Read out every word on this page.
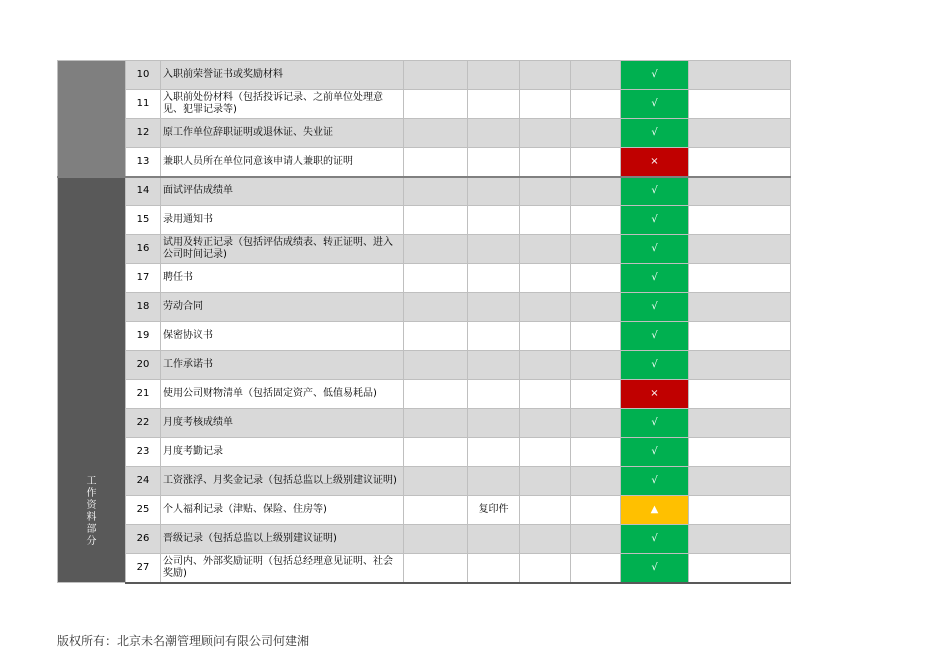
	10	入职前荣誉证书或奖励材料					√	
	11	入职前处份材料（包括投诉记录、之前单位处理意见、犯罪记录等)					√	
	12	原工作单位辞职证明或退休证、失业证					√	
	13	兼职人员所在单位同意该申请人兼职的证明					×	

工作资料部分	14	面试评估成绩单					√	
	15	录用通知书					√	
	16	试用及转正记录（包括评估成绩表、转正证明、进入公司时间记录)					√	
	17	聘任书					√	
	18	劳动合同					√	
	19	保密协议书					√	
	20	工作承诺书					√	
	21	使用公司财物清单（包括固定资产、低值易耗品)					×	
	22	月度考核成绩单					√	
	23	月度考勤记录					√	
	24	工资涨浮、月奖金记录（包括总监以上级别建议证明)					√	
	25	个人福利记录（津贴、保险、住房等)		复印件			▲	
	26	晋级记录（包括总监以上级别建议证明)					√	
	27	公司内、外部奖励证明（包括总经理意见证明、社会奖励)					√	
版权所有：北京未名潮管理顾问有限公司何建湘
